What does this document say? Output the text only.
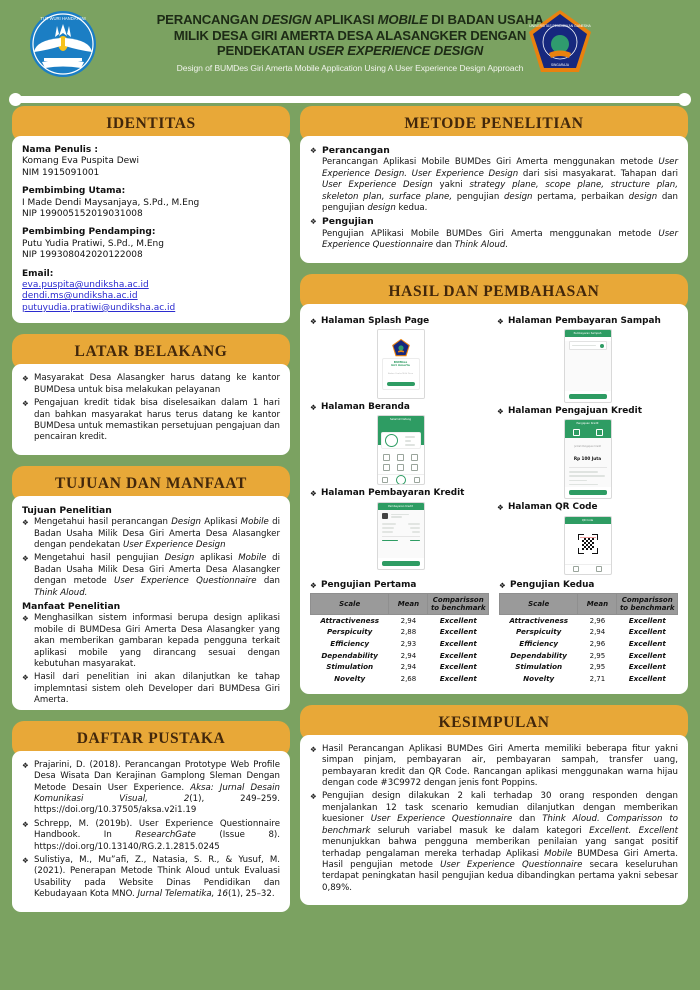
TUT WURI HANDAYANI	PERANCANGAN DESIGN APLIKASI MOBILE DI BADAN USAHA
MILIK DESA GIRI AMERTA DESA ALASANGKER DENGAN
PENDEKATAN USER EXPERIENCE DESIGN
Design of BUMDes Giri Amerta Mobile Application Using A User Experience Design Approach
UNIVERSITAS PENDIDIKAN GANESHA
SINGARAJA
IDENTITAS
Nama Penulis :
Komang Eva Puspita Dewi
NIM 1915091001
Pembimbing Utama:
I Made Dendi Maysanjaya, S.Pd., M.Eng
NIP 199005152019031008
Pembimbing Pendamping:
Putu Yudia Pratiwi, S.Pd., M.Eng
NIP 199308042020122008
Email:
eva.puspita@undiksha.ac.id
dendi.ms@undiksha.ac.id
putuyudia.pratiwi@undiksha.ac.id
LATAR BELAKANG
❖ Masyarakat Desa Alasangker harus datang ke kantor BUMDesa untuk bisa melakukan pelayanan
❖ Pengajuan kredit tidak bisa diselesaikan dalam 1 hari dan bahkan masyarakat harus terus datang ke kantor BUMDesa untuk memastikan persetujuan pengajuan dan pencairan kredit.
TUJUAN DAN MANFAAT
Tujuan Penelitian
❖ Mengetahui hasil perancangan Design Aplikasi Mobile di Badan Usaha Milik Desa Giri Amerta Desa Alasangker dengan pendekatan User Experience Design
❖ Mengetahui hasil pengujian Design aplikasi Mobile di Badan Usaha Milik Desa Giri Amerta Desa Alasangker dengan metode User Experience Questionnaire dan Think Aloud.
Manfaat Penelitian
❖ Menghasilkan sistem informasi berupa design aplikasi mobile di BUMDesa Giri Amerta Desa Alasangker yang akan memberikan gambaran kepada pengguna terkait aplikasi mobile yang dirancang sesuai dengan kebutuhan masyarakat.
❖ Hasil dari penelitian ini akan dilanjutkan ke tahap implemntasi sistem oleh Developer dari BUMDesa Giri Amerta.
DAFTAR PUSTAKA
❖ Prajarini, D. (2018). Perancangan Prototype Web Profile Desa Wisata Dan Kerajinan Gamplong Sleman Dengan Metode Desain User Experience. Aksa: Jurnal Desain Komunikasi Visual, 2(1), 249–259. https://doi.org/10.37505/aksa.v2i1.19
❖ Schrepp, M. (2019b). User Experience Questionnaire Handbook. In ResearchGate (Issue 8). https://doi.org/10.13140/RG.2.1.2815.0245
❖ Sulistiya, M., Mu”afi, Z., Natasia, S. R., & Yusuf, M. (2021). Penerapan Metode Think Aloud untuk Evaluasi Usability pada Website Dinas Pendidikan dan Kebudayaan Kota MNO. Jurnal Telematika, 16(1), 25–32.
METODE PENELITIAN
❖ Perancangan
Perancangan Aplikasi Mobile BUMDes Giri Amerta menggunakan metode User Experience Design. User Experience Design dari sisi masyakarat. Tahapan dari User Experience Design yakni strategy plane, scope plane, structure plan, skeleton plan, surface plane, pengujian design pertama, perbaikan design dan pengujian design kedua.
❖ Pengujian
Pengujian APlikasi Mobile BUMDes Giri Amerta menggunakan metode User Experience Questionnaire dan Think Aloud.
HASIL DAN PEMBAHASAN
❖ Halaman Splash Page
BUMDes
Giri Amerta
Badan Usaha Milik Desa
❖ Halaman Beranda
Selamat Datang
❖ Halaman Pembayaran Kredit
Pembayaran Kredit
❖ Halaman Pembayaran Sampah
Pembayaran Sampah
❖ Halaman Pengajuan Kredit
Pengajuan Kredit
Jumlah Pengajuan Kredit
Rp 100 Juta
❖ Halaman QR Code
QR Code
❖ Pengujian Pertama
Scale	Mean	Comparisson to benchmark
Attractiveness	2,94	Excellent
Perspicuity	2,88	Excellent
Efficiency	2,93	Excellent
Dependability	2,94	Excellent
Stimulation	2,94	Excellent
Novelty	2,68	Excellent
❖ Pengujian Kedua
Scale	Mean	Comparisson to benchmark
Attractiveness	2,96	Excellent
Perspicuity	2,94	Excellent
Efficiency	2,96	Excellent
Dependability	2,95	Excellent
Stimulation	2,95	Excellent
Novelty	2,71	Excellent
KESIMPULAN
❖ Hasil Perancangan Aplikasi BUMDes Giri Amerta memiliki beberapa fitur yakni simpan pinjam, pembayaran air, pembayaran sampah, transfer uang, pembayaran kredit dan QR Code. Rancangan aplikasi menggunakan warna hijau dengan code #3C9972 dengan jenis font Poppins.
❖ Pengujian design dilakukan 2 kali terhadap 30 orang responden dengan menjalankan 12 task scenario kemudian dilanjutkan dengan memberikan kuesioner User Experience Questionnaire dan Think Aloud. Comparisson to benchmark seluruh variabel masuk ke dalam kategori Excellent. Excellent menunjukkan bahwa pengguna memberikan penilaian yang sangat positif terhadap pengalaman mereka terhadap Aplikasi Mobile BUMDesa Giri Amerta. Hasil pengujian metode User Experience Questionnaire secara keseluruhan terdapat peningkatan hasil pengujian kedua dibandingkan pertama yakni sebesar 0,89%.
